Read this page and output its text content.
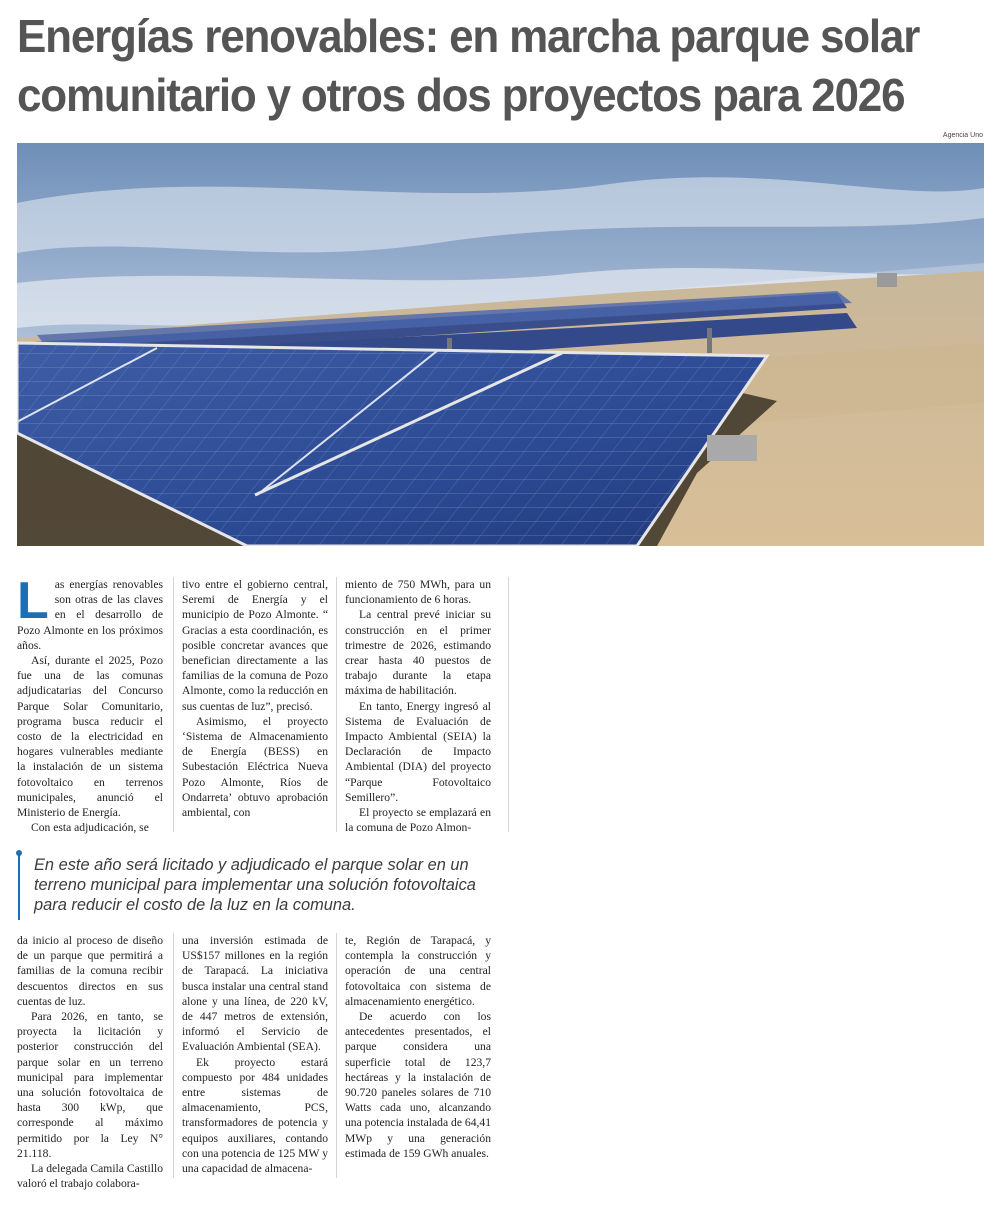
Energías renovables: en marcha parque solar comunitario y otros dos proyectos para 2026
Agencia Uno
L as energías renovables son otras de las claves en el desarrollo de Pozo Almonte en los próximos años.

Así, durante el 2025, Pozo fue una de las comunas adjudicatarias del Concurso Parque Solar Comunitario, programa busca reducir el costo de la electricidad en hogares vulnerables mediante la instalación de un sistema fotovoltaico en terrenos municipales, anunció el Ministerio de Energía.

Con esta adjudicación, se

tivo entre el gobierno central, Seremi de Energía y el municipio de Pozo Almonte. “ Gracias a esta coordinación, es posible concretar avances que benefician directamente a las familias de la comuna de Pozo Almonte, como la reducción en sus cuentas de luz”, precisó.

Asimismo, el proyecto ‘Sistema de Almacenamiento de Energía (BESS) en Subestación Eléctrica Nueva Pozo Almonte, Ríos de Ondarreta’ obtuvo aprobación ambiental, con

miento de 750 MWh, para un funcionamiento de 6 horas.

La central prevé iniciar su construcción en el primer trimestre de 2026, estimando crear hasta 40 puestos de trabajo durante la etapa máxima de habilitación.

En tanto, Energy ingresó al Sistema de Evaluación de Impacto Ambiental (SEIA) la Declaración de Impacto Ambiental (DIA) del proyecto “Parque Fotovoltaico Semillero”.

El proyecto se emplazará en la comuna de Pozo Almon-

En este año será licitado y adjudicado el parque solar en un terreno municipal para implementar una solución fotovoltaica para reducir el costo de la luz en la comuna.

da inicio al proceso de diseño de un parque que permitirá a familias de la comuna recibir descuentos directos en sus cuentas de luz.

Para 2026, en tanto, se proyecta la licitación y posterior construcción del parque solar en un terreno municipal para implementar una solución fotovoltaica de hasta 300 kWp, que corresponde al máximo permitido por la Ley N° 21.118.

La delegada Camila Castillo valoró el trabajo colabora-

una inversión estimada de US$157 millones en la región de Tarapacá. La iniciativa busca instalar una central stand alone y una línea, de 220 kV, de 447 metros de extensión, informó el Servicio de Evaluación Ambiental (SEA).

Ek proyecto estará compuesto por 484 unidades entre sistemas de almacenamiento, PCS, transformadores de potencia y equipos auxiliares, contando con una potencia de 125 MW y una capacidad de almacena-

te, Región de Tarapacá, y contempla la construcción y operación de una central fotovoltaica con sistema de almacenamiento energético.

De acuerdo con los antecedentes presentados, el parque considera una superficie total de 123,7 hectáreas y la instalación de 90.720 paneles solares de 710 Watts cada uno, alcanzando una potencia instalada de 64,41 MWp y una generación estimada de 159 GWh anuales.
